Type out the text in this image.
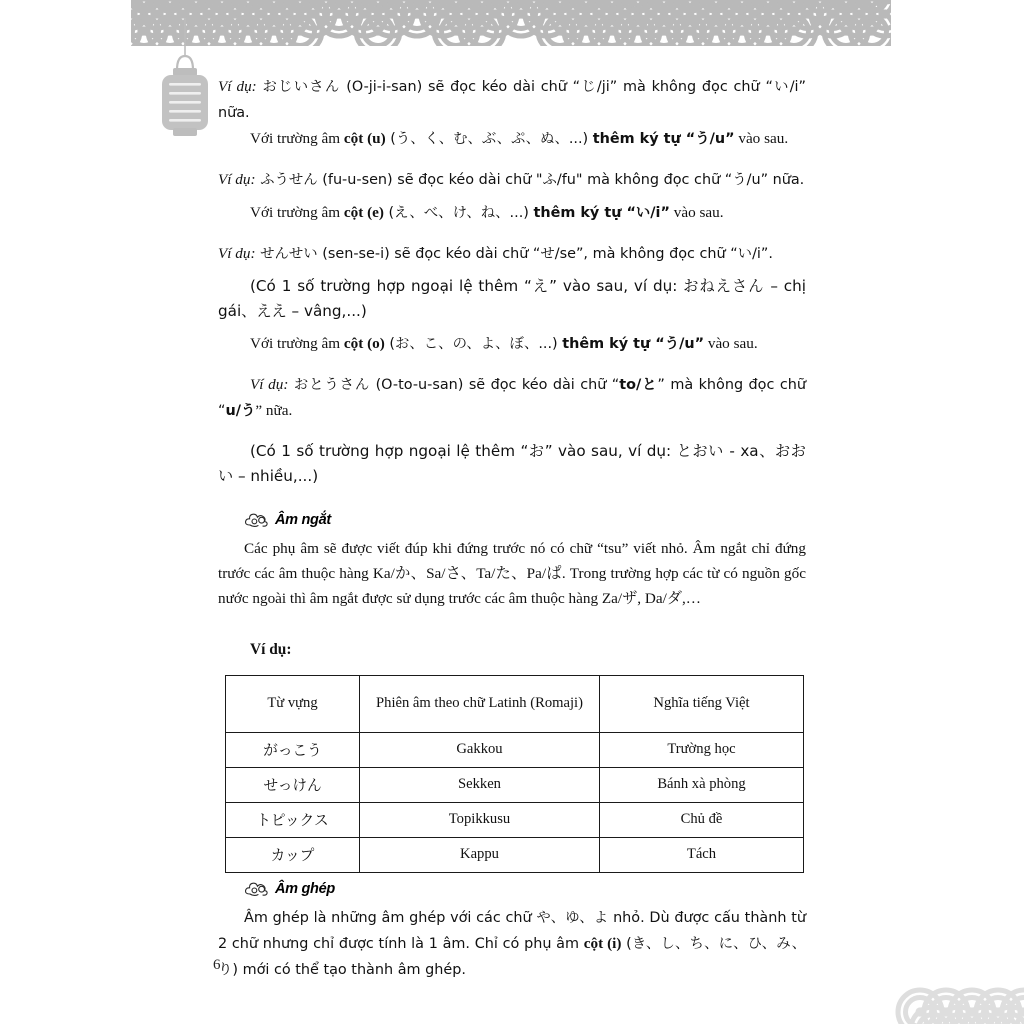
Ví dụ: おじいさん (O-ji-i-san) sẽ đọc kéo dài chữ “じ/ji” mà không đọc chữ “い/i” nữa.

Với trường âm cột (u) (う、く、む、ぶ、ぷ、ぬ、...) thêm ký tự “う/u” vào sau.

Ví dụ: ふうせん (fu-u-sen) sẽ đọc kéo dài chữ "ふ/fu" mà không đọc chữ “う/u” nữa.

Với trường âm cột (e) (え、べ、け、ね、...) thêm ký tự “い/i” vào sau.

Ví dụ: せんせい (sen-se-i) sẽ đọc kéo dài chữ “せ/se”, mà không đọc chữ “い/i”.

(Có 1 số trường hợp ngoại lệ thêm “え” vào sau, ví dụ: おねえさん – chị gái、ええ – vâng,...)

Với trường âm cột (o) (お、こ、の、よ、ぼ、...) thêm ký tự “う/u” vào sau.

Ví dụ: おとうさん (O-to-u-san) sẽ đọc kéo dài chữ “to/と” mà không đọc chữ “u/う” nữa.

(Có 1 số trường hợp ngoại lệ thêm “お” vào sau, ví dụ: とおい - xa、おおい – nhiều,...)

Âm ngắt

Các phụ âm sẽ được viết đúp khi đứng trước nó có chữ “tsu” viết nhỏ. Âm ngắt chỉ đứng trước các âm thuộc hàng Ka/か、Sa/さ、Ta/た、Pa/ぱ. Trong trường hợp các từ có nguồn gốc nước ngoài thì âm ngắt được sử dụng trước các âm thuộc hàng Za/ザ, Da/ダ,…

Ví dụ:

Từ vựng	Phiên âm theo chữ Latinh (Romaji)	Nghĩa tiếng Việt
がっこう	Gakkou	Trường học
せっけん	Sekken	Bánh xà phòng
トピックス	Topikkusu	Chủ đề
カップ	Kappu	Tách
Âm ghép

Âm ghép là những âm ghép với các chữ や、ゆ、よ nhỏ. Dù được cấu thành từ 2 chữ nhưng chỉ được tính là 1 âm. Chỉ có phụ âm cột (i) (き、し、ち、に、ひ、み、り) mới có thể tạo thành âm ghép.

6
